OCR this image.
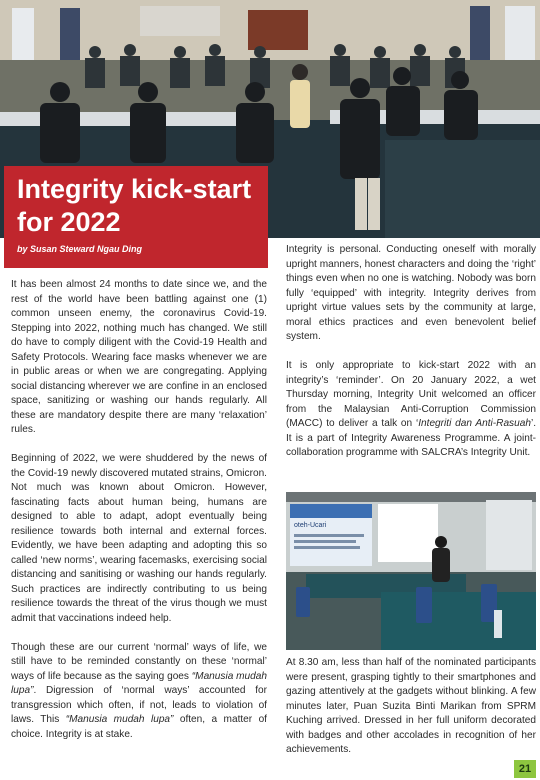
Integrity kick-start for 2022
by Susan Steward Ngau Ding

It has been almost 24 months to date since we, and the rest of the world have been battling against one (1) common unseen enemy, the coronavirus Covid-19. Stepping into 2022, nothing much has changed. We still do have to comply diligent with the Covid-19 Health and Safety Protocols. Wearing face masks whenever we are in public areas or when we are congregating. Applying social distancing wherever we are confine in an enclosed space, sanitizing or washing our hands regularly. All these are mandatory despite there are many ‘relaxation’ rules.

Beginning of 2022, we were shuddered by the news of the Covid-19 newly discovered mutated strains, Omicron. Not much was known about Omicron. However, fascinating facts about human being, humans are designed to able to adapt, adopt eventually being resilience towards both internal and external forces. Evidently, we have been adapting and adopting this so called ‘new norms’, wearing facemasks, exercising social distancing and sanitising or washing our hands regularly. Such practices are indirectly contributing to us being resilience towards the threat of the virus though we must admit that vaccinations indeed help.

Though these are our current ‘normal’ ways of life, we still have to be reminded constantly on these ‘normal’ ways of life because as the saying goes “Manusia mudah lupa”. Digression of ‘normal ways’ accounted for transgression which often, if not, leads to violation of laws. This “Manusia mudah lupa” often, a matter of choice. Integrity is at stake.

Integrity is personal. Conducting oneself with morally upright manners, honest characters and doing the ‘right’ things even when no one is watching. Nobody was born fully ‘equipped’ with integrity. Integrity derives from upright virtue values sets by the community at large, moral ethics practices and even benevolent belief system.

It is only appropriate to kick-start 2022 with an integrity’s ‘reminder’. On 20 January 2022, a wet Thursday morning, Integrity Unit welcomed an officer from the Malaysian Anti-Corruption Commission (MACC) to deliver a talk on ‘Integriti dan Anti-Rasuah’. It is a part of Integrity Awareness Programme. A joint-collaboration programme with SALCRA’s Integrity Unit.

oteh-Ucari

At 8.30 am, less than half of the nominated participants were present, grasping tightly to their smartphones and gazing attentively at the gadgets without blinking. A few minutes later, Puan Suzita Binti Marikan from SPRM Kuching arrived. Dressed in her full uniform decorated with badges and other accolades in recognition of her achievements.

21
